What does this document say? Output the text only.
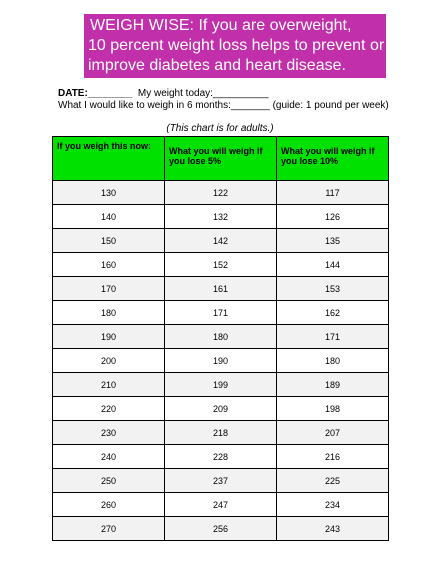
WEIGH WISE: If you are overweight,
10 percent weight loss helps to prevent or
improve diabetes and heart disease.
DATE:________ My weight today:__________
What I would like to weigh in 6 months:_______ (guide: 1 pound per week)
(This chart is for adults.)
If you weigh this now:	What you will weigh if you lose 5%	What you will weigh if you lose 10%
130	122	117
140	132	126
150	142	135
160	152	144
170	161	153
180	171	162
190	180	171
200	190	180
210	199	189
220	209	198
230	218	207
240	228	216
250	237	225
260	247	234
270	256	243
